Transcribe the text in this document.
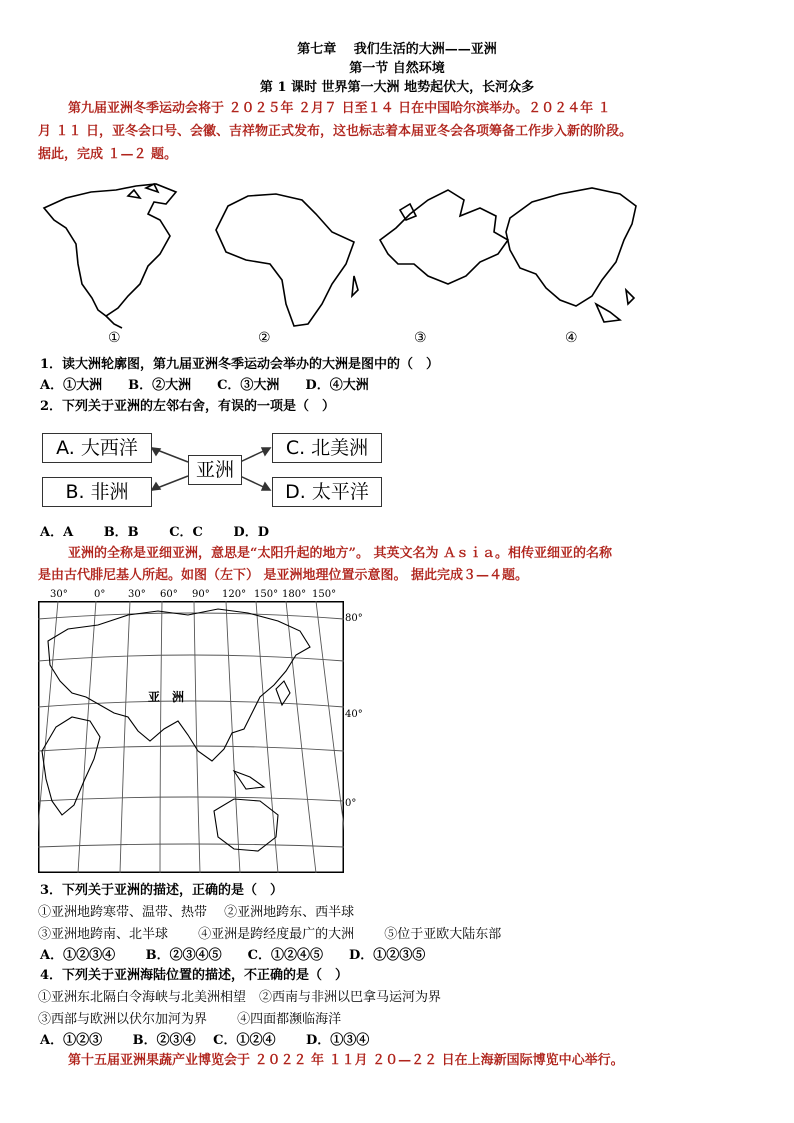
第七章　 我们生活的大洲——亚洲
第一节 自然环境
第 1 课时 世界第一大洲 地势起伏大，长河众多
第九届亚洲冬季运动会将于 ２０２５年 ２月７ 日至１４ 日在中国哈尔滨举办。２０２４年 １
月 １１ 日，亚冬会口号、会徽、吉祥物正式发布，这也标志着本届亚冬会各项筹备工作步入新的阶段。
据此，完成 １—２ 题。
①	②	③	④
1．读大洲轮廓图，第九届亚洲冬季运动会举办的大洲是图中的（　）
A．①大洲　　B．②大洲　　C．③大洲　　D．④大洲
2．下列关于亚洲的左邻右舍，有误的一项是（　）
A. 大西洋
B. 非洲
亚洲
C. 北美洲
D. 太平洋
A．A　　 B．B　　 C．C　　 D．D
亚洲的全称是亚细亚洲，意思是“太阳升起的地方”。 其英文名为 Ａｓｉａ。相传亚细亚的名称
是由古代腓尼基人所起。如图（左下） 是亚洲地理位置示意图。 据此完成３—４题。
30°	0° 30° 60° 90° 120° 150° 180° 150°
亚　洲
80°
40°
0°
3．下列关于亚洲的描述，正确的是（　）
①亚洲地跨寒带、温带、热带　 ②亚洲地跨东、西半球
③亚洲地跨南、北半球　　 ④亚洲是跨经度最广的大洲　　 ⑤位于亚欧大陆东部
A．①②③④　　 B．②③④⑤　　C．①②④⑤　　D．①②③⑤
4．下列关于亚洲海陆位置的描述，不正确的是（　）
①亚洲东北隔白令海峡与北美洲相望　②西南与非洲以巴拿马运河为界
③西部与欧洲以伏尔加河为界　　 ④四面都濒临海洋
A．①②③　　 B．②③④　 C．①②④　　 D．①③④
第十五届亚洲果蔬产业博览会于 ２０２２ 年 １１月 ２０—２２ 日在上海新国际博览中心举行。
